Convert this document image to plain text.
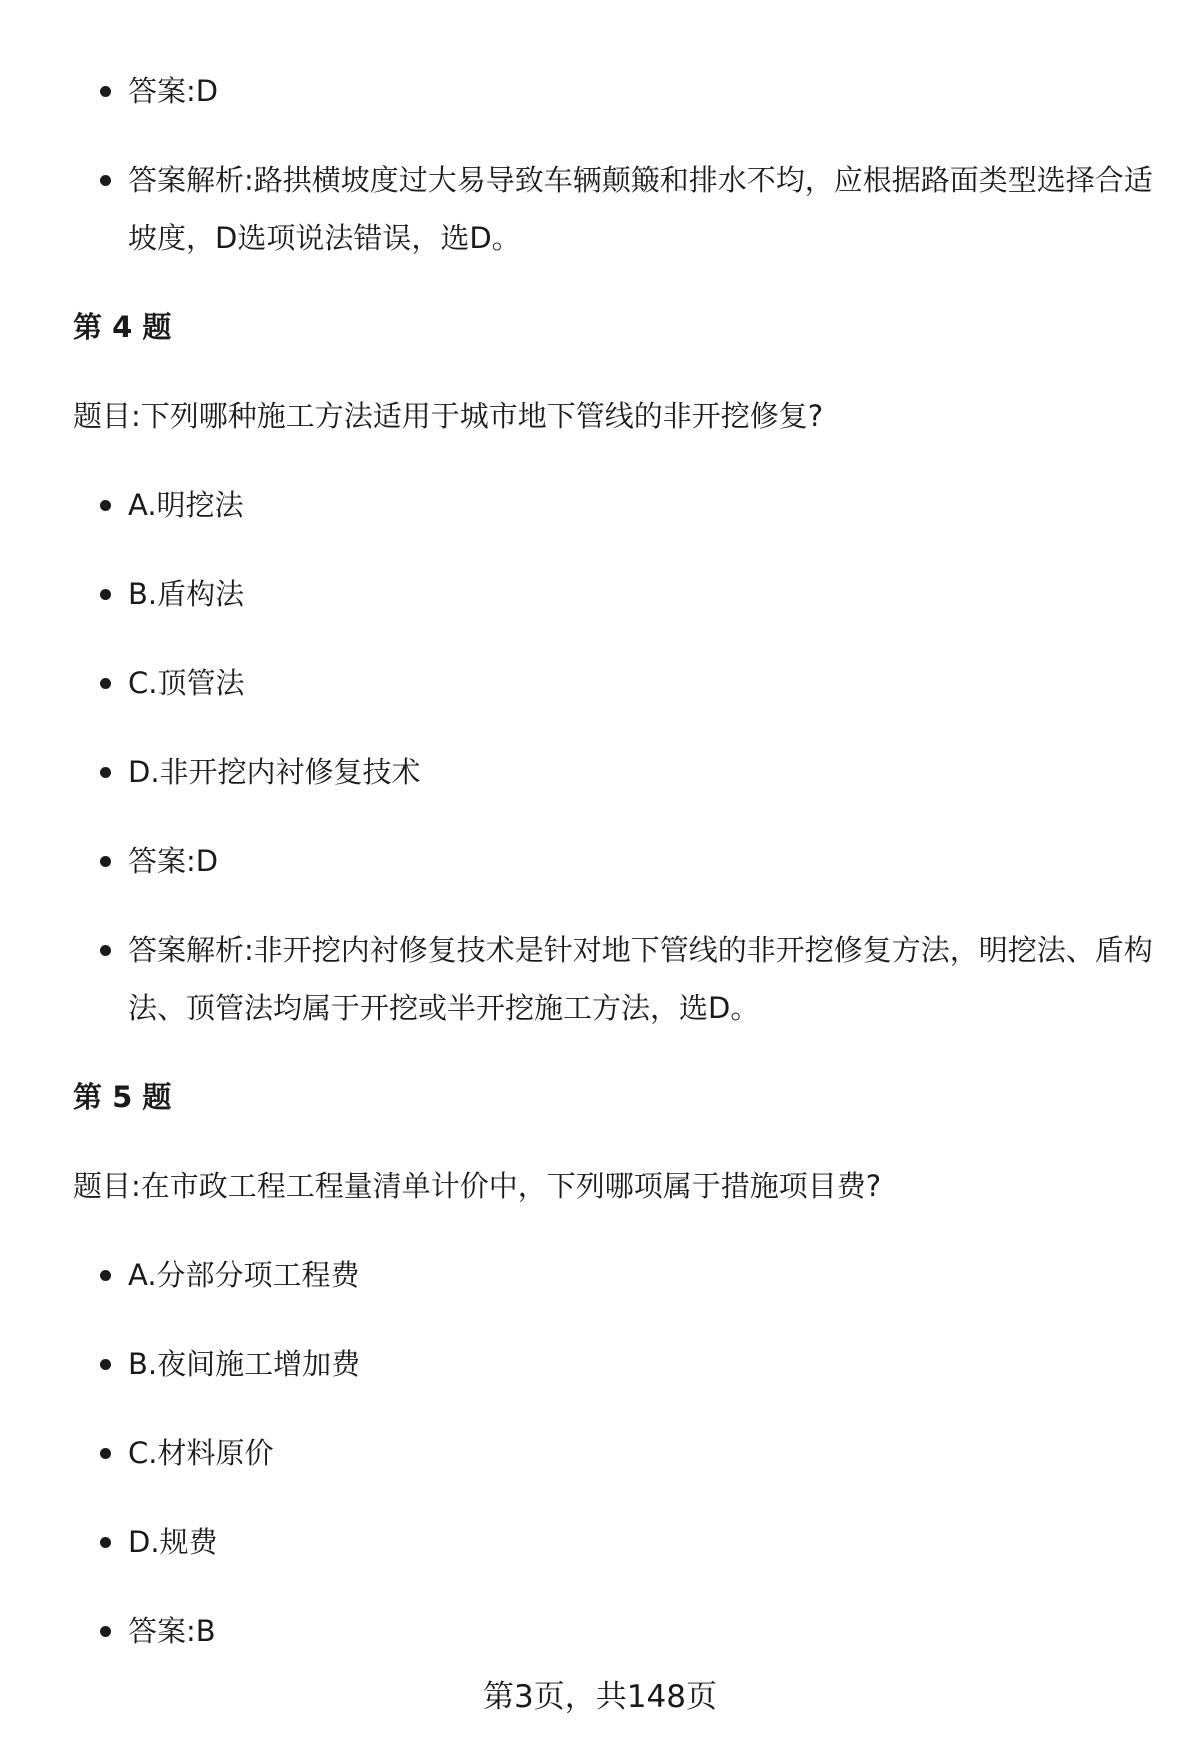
答案:D
答案解析:路拱横坡度过大易导致车辆颠簸和排水不均，应根据路面类型选择合适坡度，D选项说法错误，选D。
第 4 题
题目:下列哪种施工方法适用于城市地下管线的非开挖修复?
A.明挖法
B.盾构法
C.顶管法
D.非开挖内衬修复技术
答案:D
答案解析:非开挖内衬修复技术是针对地下管线的非开挖修复方法，明挖法、盾构法、顶管法均属于开挖或半开挖施工方法，选D。
第 5 题
题目:在市政工程工程量清单计价中，下列哪项属于措施项目费?
A.分部分项工程费
B.夜间施工增加费
C.材料原价
D.规费
答案:B
第3页，共148页
